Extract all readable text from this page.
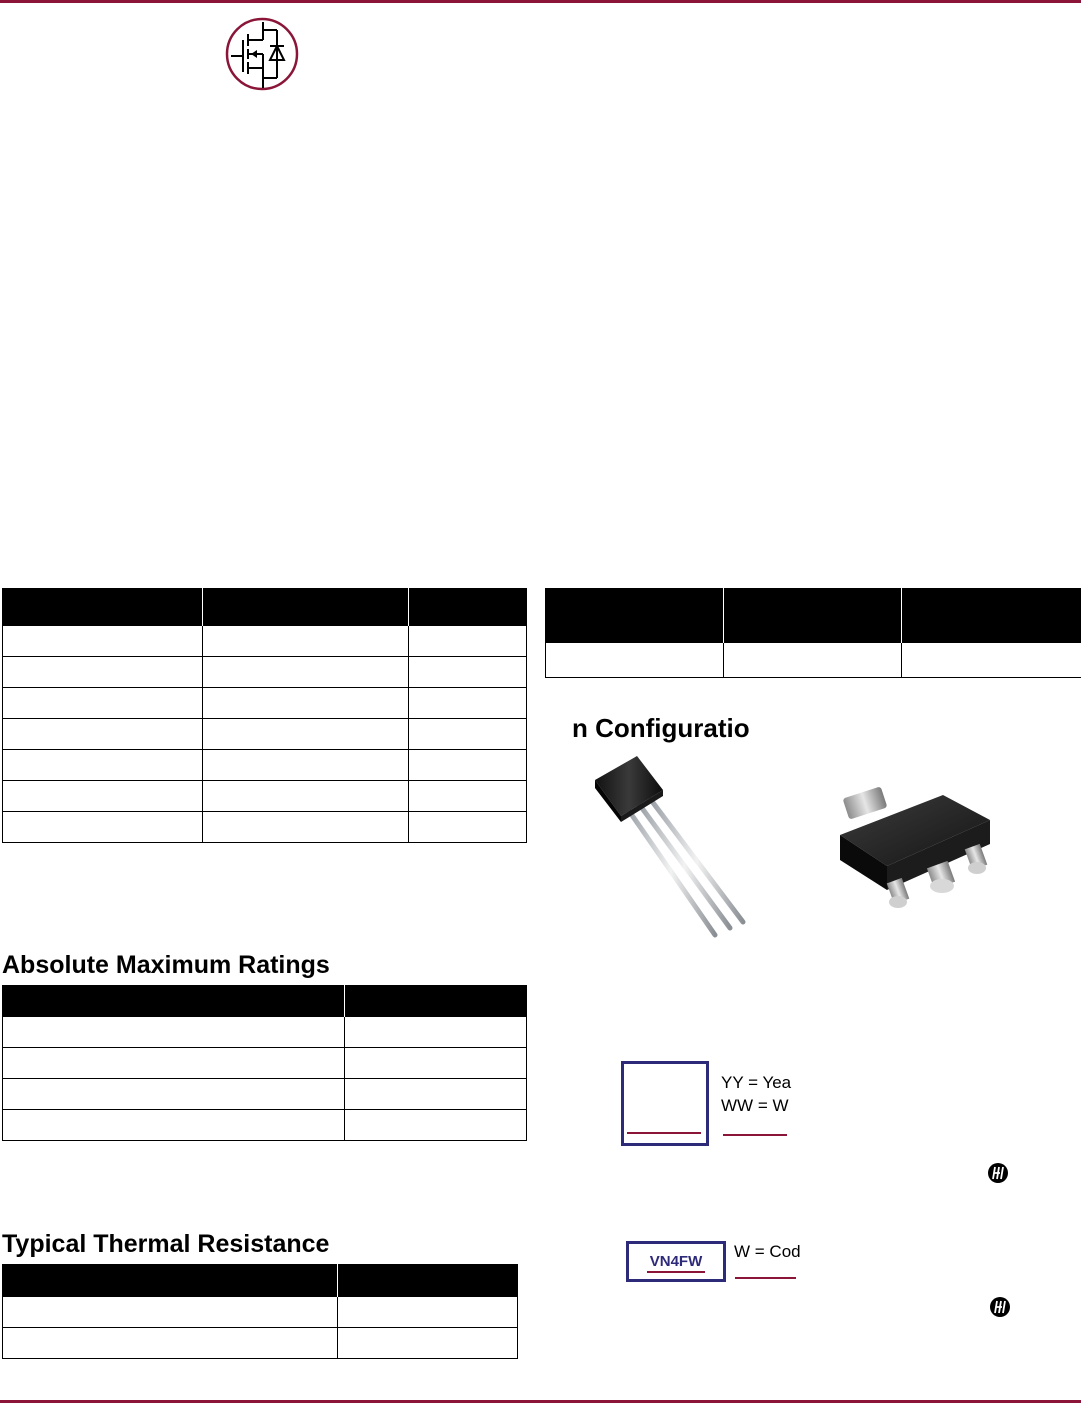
n Configuratio
Absolute Maximum Ratings

Typical Thermal Resistance

YY = Yea
WW = W
VN4FW
W = Cod
